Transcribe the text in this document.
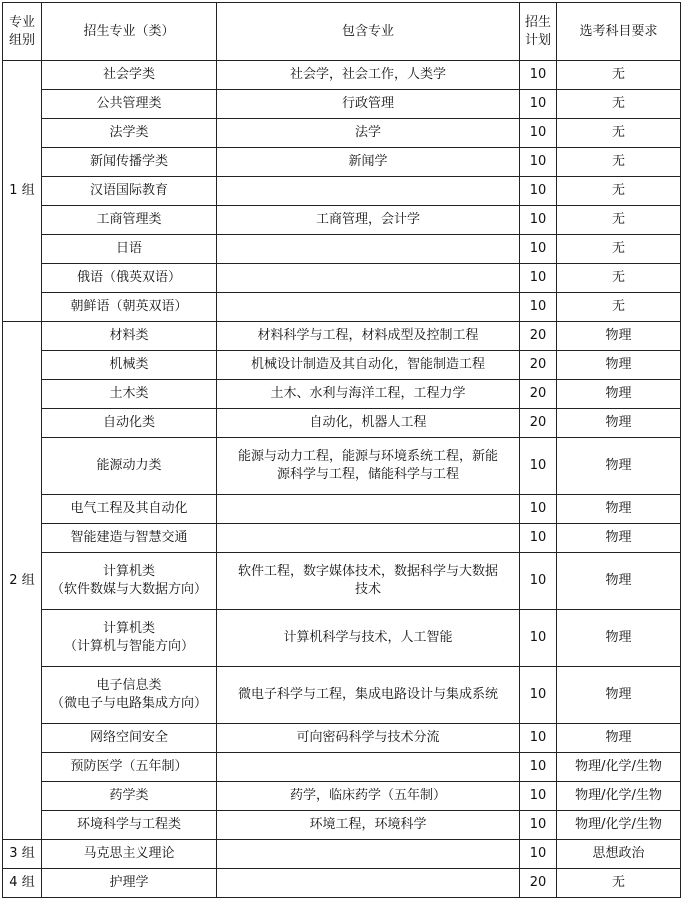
专业
组别	招生专业（类）	包含专业	招生
计划	选考科目要求
1 组	社会学类	社会学，社会工作，人类学	10	无
	公共管理类	行政管理	10	无
	法学类	法学	10	无
	新闻传播学类	新闻学	10	无
	汉语国际教育		10	无
	工商管理类	工商管理，会计学	10	无
	日语		10	无
	俄语（俄英双语）		10	无
	朝鲜语（朝英双语）		10	无
2 组	材料类	材料科学与工程，材料成型及控制工程	20	物理
	机械类	机械设计制造及其自动化，智能制造工程	20	物理
	土木类	土木、水利与海洋工程，工程力学	20	物理
	自动化类	自动化，机器人工程	20	物理
	能源动力类	能源与动力工程，能源与环境系统工程，新能
源科学与工程，储能科学与工程	10	物理
	电气工程及其自动化		10	物理
	智能建造与智慧交通		10	物理
	计算机类
（软件数媒与大数据方向）	软件工程，数字媒体技术，数据科学与大数据
技术	10	物理
	计算机类
（计算机与智能方向）	计算机科学与技术，人工智能	10	物理
	电子信息类
（微电子与电路集成方向）	微电子科学与工程，集成电路设计与集成系统	10	物理
	网络空间安全	可向密码科学与技术分流	10	物理
	预防医学（五年制）		10	物理/化学/生物
	药学类	药学，临床药学（五年制）	10	物理/化学/生物
	环境科学与工程类	环境工程，环境科学	10	物理/化学/生物
3 组	马克思主义理论		10	思想政治
4 组	护理学		20	无
